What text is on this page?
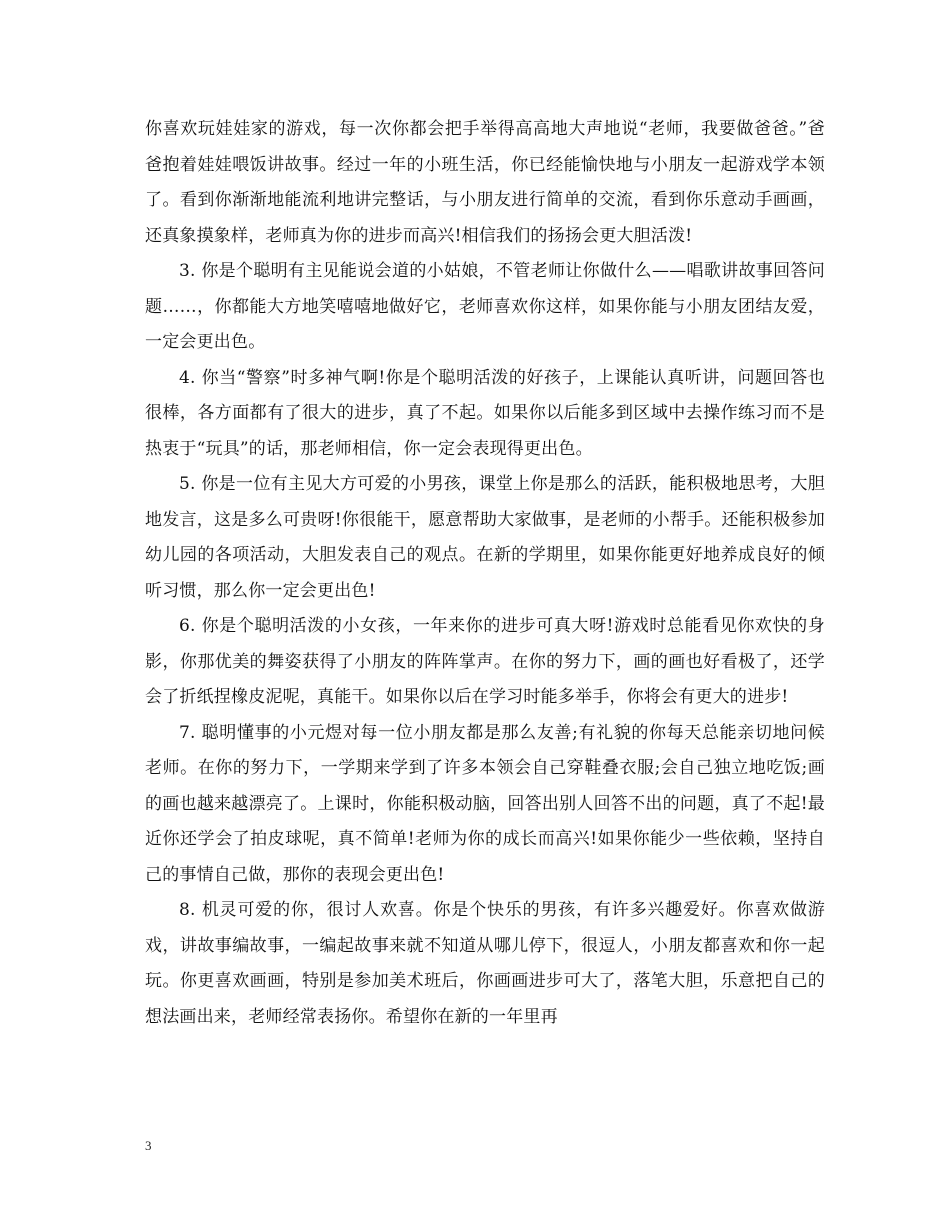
你喜欢玩娃娃家的游戏，每一次你都会把手举得高高地大声地说“老师，我要做爸爸。”爸爸抱着娃娃喂饭讲故事。经过一年的小班生活，你已经能愉快地与小朋友一起游戏学本领了。看到你渐渐地能流利地讲完整话，与小朋友进行简单的交流，看到你乐意动手画画，还真象摸象样，老师真为你的进步而高兴!相信我们的扬扬会更大胆活泼!

3. 你是个聪明有主见能说会道的小姑娘，不管老师让你做什么——唱歌讲故事回答问题……，你都能大方地笑嘻嘻地做好它，老师喜欢你这样，如果你能与小朋友团结友爱，一定会更出色。

4. 你当“警察”时多神气啊!你是个聪明活泼的好孩子，上课能认真听讲，问题回答也很棒，各方面都有了很大的进步，真了不起。如果你以后能多到区域中去操作练习而不是热衷于“玩具”的话，那老师相信，你一定会表现得更出色。

5. 你是一位有主见大方可爱的小男孩，课堂上你是那么的活跃，能积极地思考，大胆地发言，这是多么可贵呀!你很能干，愿意帮助大家做事，是老师的小帮手。还能积极参加幼儿园的各项活动，大胆发表自己的观点。在新的学期里，如果你能更好地养成良好的倾听习惯，那么你一定会更出色!

6. 你是个聪明活泼的小女孩，一年来你的进步可真大呀!游戏时总能看见你欢快的身影，你那优美的舞姿获得了小朋友的阵阵掌声。在你的努力下，画的画也好看极了，还学会了折纸捏橡皮泥呢，真能干。如果你以后在学习时能多举手，你将会有更大的进步!

7. 聪明懂事的小元煜对每一位小朋友都是那么友善;有礼貌的你每天总能亲切地问候老师。在你的努力下，一学期来学到了许多本领会自己穿鞋叠衣服;会自己独立地吃饭;画的画也越来越漂亮了。上课时，你能积极动脑，回答出别人回答不出的问题，真了不起!最近你还学会了拍皮球呢，真不简单!老师为你的成长而高兴!如果你能少一些依赖，坚持自己的事情自己做，那你的表现会更出色!

8. 机灵可爱的你，很讨人欢喜。你是个快乐的男孩，有许多兴趣爱好。你喜欢做游戏，讲故事编故事，一编起故事来就不知道从哪儿停下，很逗人，小朋友都喜欢和你一起玩。你更喜欢画画，特别是参加美术班后，你画画进步可大了，落笔大胆，乐意把自己的想法画出来，老师经常表扬你。希望你在新的一年里再

3
